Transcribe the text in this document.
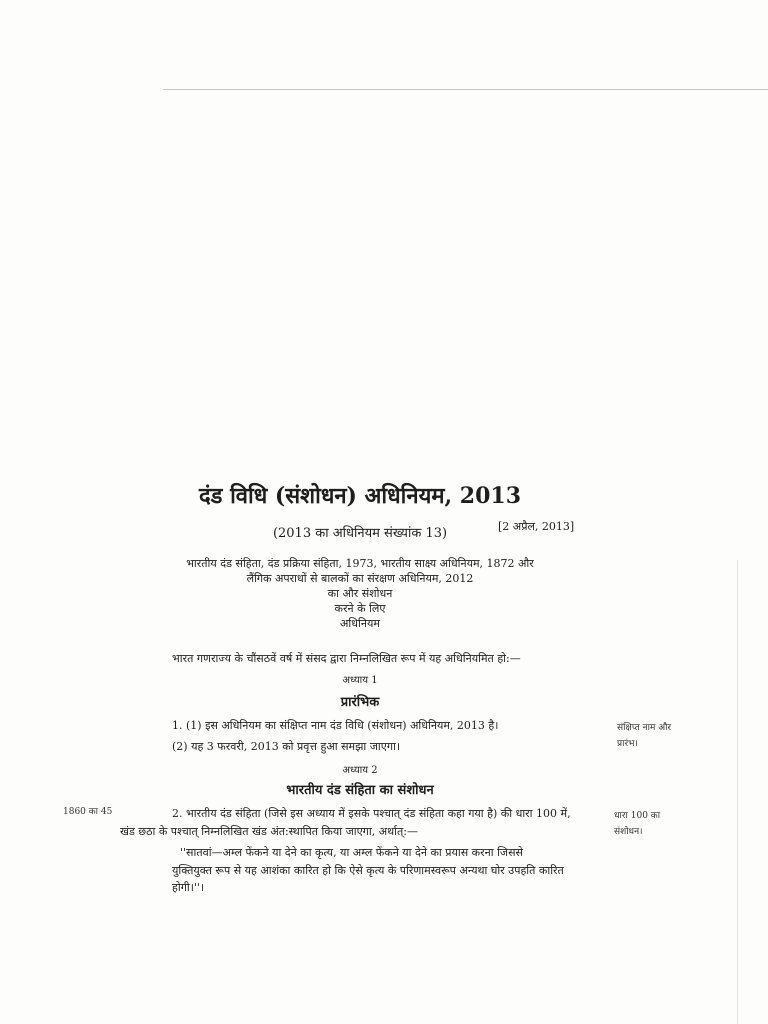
दंड विधि (संशोधन) अधिनियम, 2013
(2013 का अधिनियम संख्यांक 13)	[2 अप्रैल, 2013]
भारतीय दंड संहिता, दंड प्रक्रिया संहिता, 1973, भारतीय साक्ष्य अधिनियम, 1872 और
लैंगिक अपराधों से बालकों का संरक्षण अधिनियम, 2012
का और संशोधन
करने के लिए
अधिनियम
भारत गणराज्य के चौंसठवें वर्ष में संसद द्वारा निम्नलिखित रूप में यह अधिनियमित हो:—
अध्याय 1
प्रारंभिक
1. (1) इस अधिनियम का संक्षिप्त नाम दंड विधि (संशोधन) अधिनियम, 2013 है।
(2) यह 3 फरवरी, 2013 को प्रवृत्त हुआ समझा जाएगा।
संक्षिप्त नाम और
प्रारंभ।
अध्याय 2
भारतीय दंड संहिता का संशोधन
1860 का 45	2. भारतीय दंड संहिता (जिसे इस अध्याय में इसके पश्चात् दंड संहिता कहा गया है) की धारा 100 में,
खंड छठा के पश्चात् निम्नलिखित खंड अंत:स्थापित किया जाएगा, अर्थात्:—
''सातवां—अम्ल फेंकने या देने का कृत्य, या अम्ल फेंकने या देने का प्रयास करना जिससे
युक्तियुक्त रूप से यह आशंका कारित हो कि ऐसे कृत्य के परिणामस्वरूप अन्यथा घोर उपहति कारित
होगी।''।
धारा 100 का
संशोधन।
